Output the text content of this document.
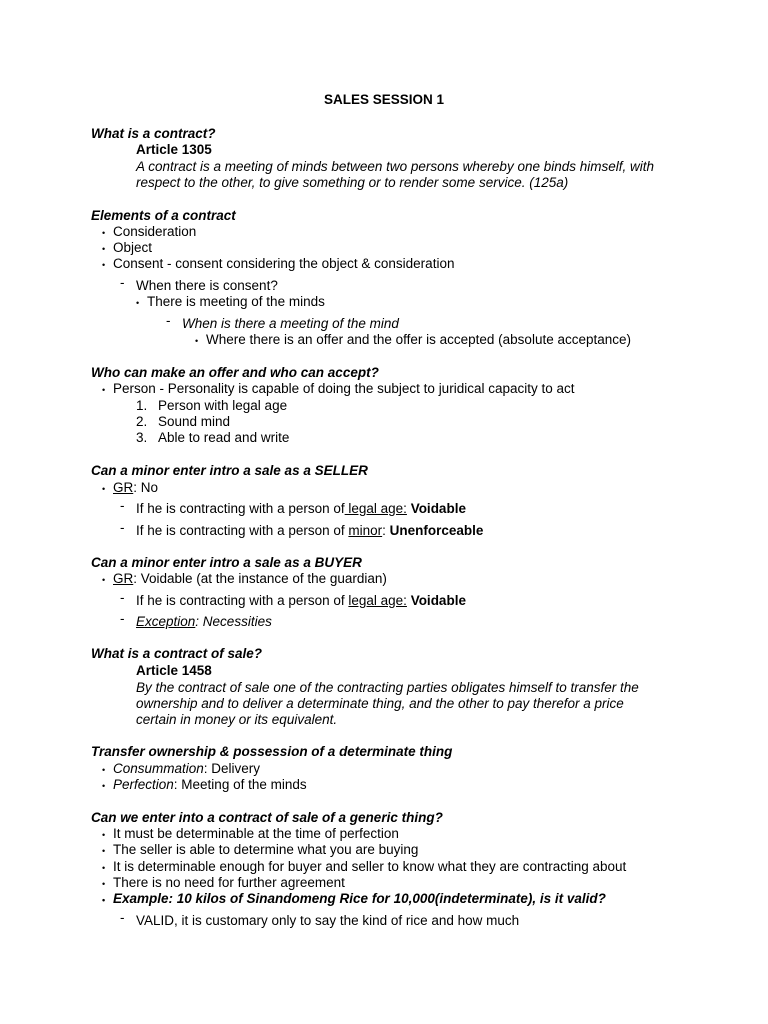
SALES SESSION 1
What is a contract?
Article 1305
A contract is a meeting of minds between two persons whereby one binds himself, with
respect to the other, to give something or to render some service. (125a)
Elements of a contract
• Consideration
• Object
• Consent - consent considering the object & consideration
- When there is consent?
• There is meeting of the minds
- When is there a meeting of the mind
• Where there is an offer and the offer is accepted (absolute acceptance)
Who can make an offer and who can accept?
• Person - Personality is capable of doing the subject to juridical capacity to act
1. Person with legal age
2. Sound mind
3. Able to read and write
Can a minor enter intro a sale as a SELLER
• GR: No
- If he is contracting with a person of legal age: Voidable
- If he is contracting with a person of minor: Unenforceable
Can a minor enter intro a sale as a BUYER
• GR: Voidable (at the instance of the guardian)
- If he is contracting with a person of legal age: Voidable
- Exception: Necessities
What is a contract of sale?
Article 1458
By the contract of sale one of the contracting parties obligates himself to transfer the
ownership and to deliver a determinate thing, and the other to pay therefor a price
certain in money or its equivalent.
Transfer ownership & possession of a determinate thing
• Consummation: Delivery
• Perfection: Meeting of the minds
Can we enter into a contract of sale of a generic thing?
• It must be determinable at the time of perfection
• The seller is able to determine what you are buying
• It is determinable enough for buyer and seller to know what they are contracting about
• There is no need for further agreement
• Example: 10 kilos of Sinandomeng Rice for 10,000(indeterminate), is it valid?
- VALID, it is customary only to say the kind of rice and how much
